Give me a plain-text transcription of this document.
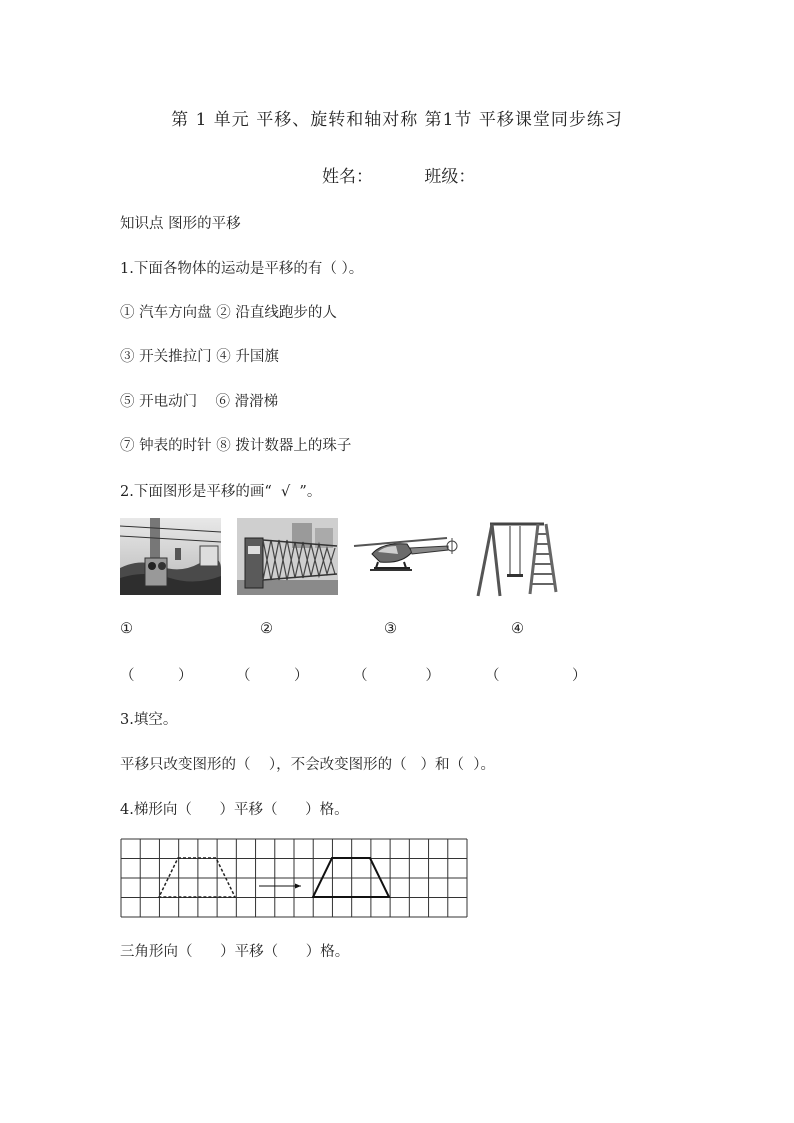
第 1 单元 平移、旋转和轴对称 第1节 平移课堂同步练习
姓名：	班级：
知识点 图形的平移
1.下面各物体的运动是平移的有（ ）。
① 汽车方向盘 ② 沿直线跑步的人
③ 开关推拉门 ④ 升国旗
⑤ 开电动门    ⑥ 滑滑梯
⑦ 钟表的时针 ⑧ 拨计数器上的珠子
2.下面图形是平移的画“  √  ”。
①	②	③	④
（　　　）	（　　　）	（　　　　）	（　　　　　）
3.填空。
平移只改变图形的（    ），不会改变图形的（   ）和（  ）。
4.梯形向（      ）平移（      ）格。
三角形向（      ）平移（      ）格。
